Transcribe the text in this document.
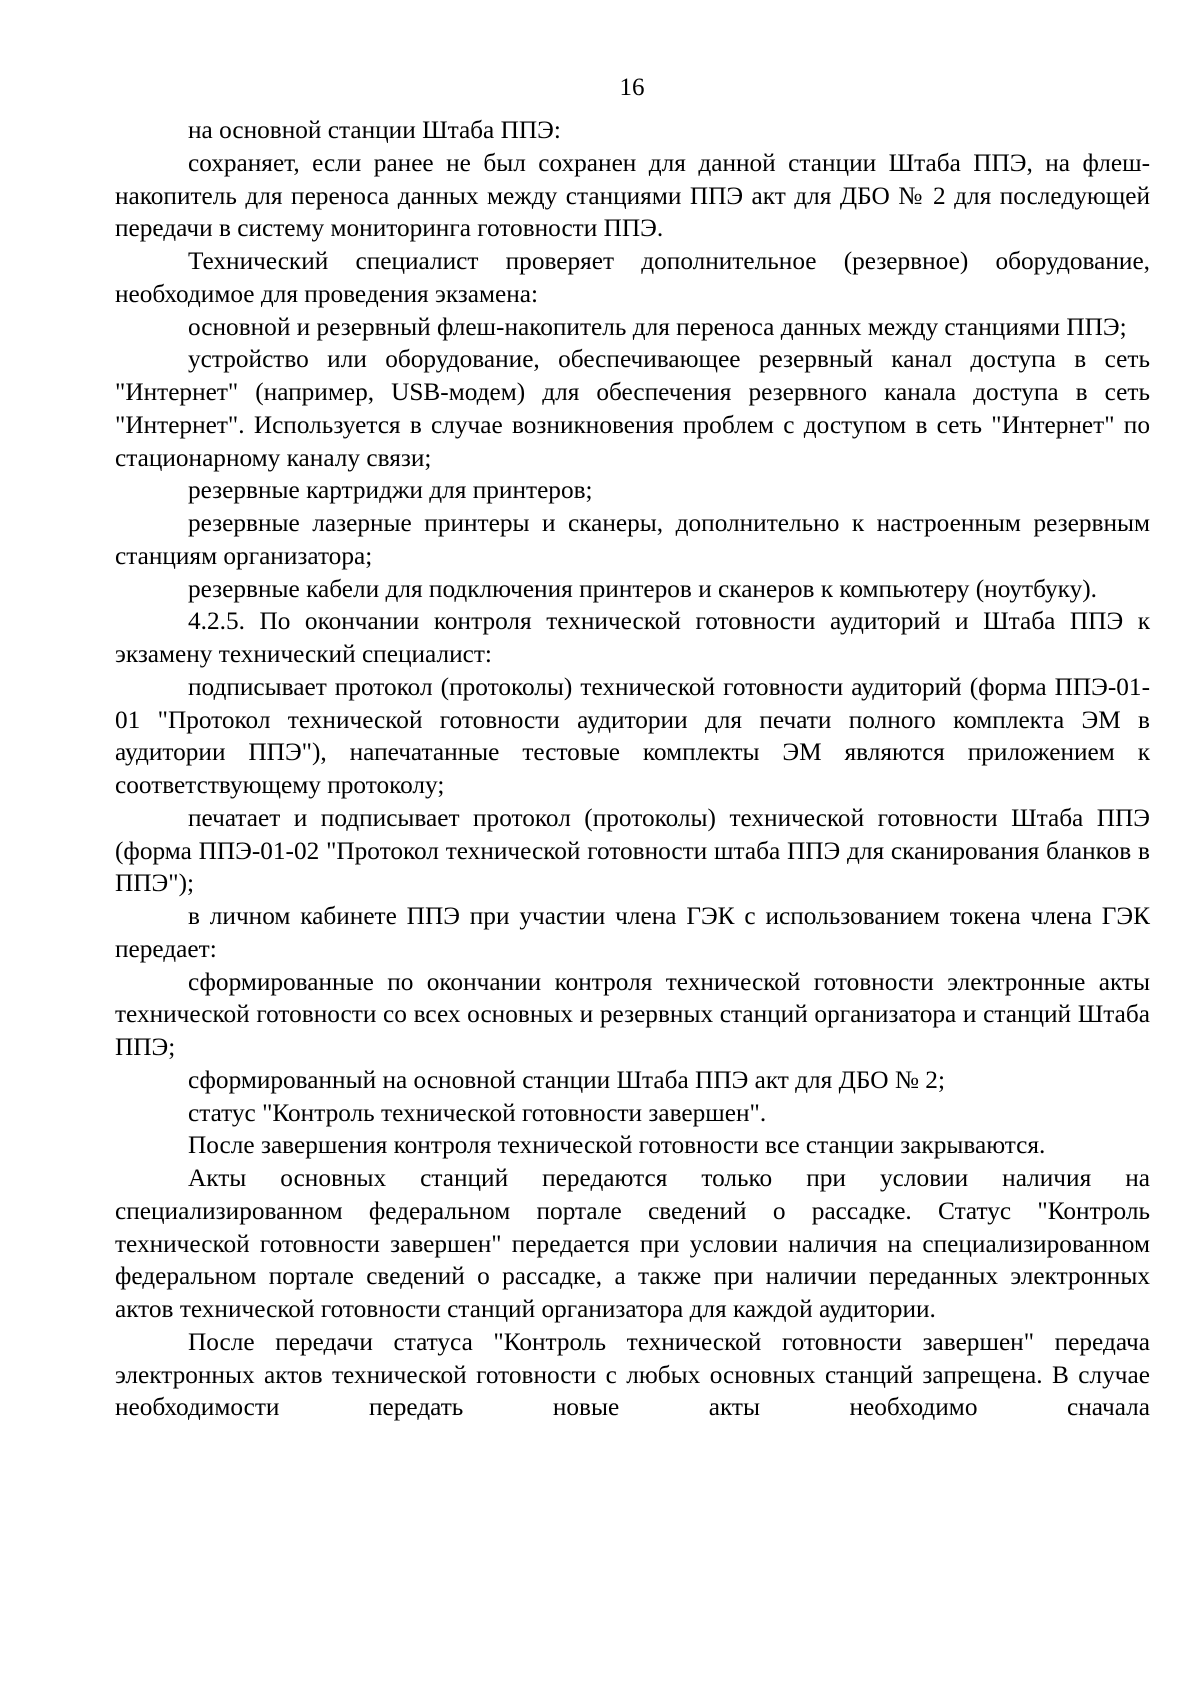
16

на основной станции Штаба ППЭ:

сохраняет, если ранее не был сохранен для данной станции Штаба ППЭ, на флеш-накопитель для переноса данных между станциями ППЭ акт для ДБО № 2 для последующей передачи в систему мониторинга готовности ППЭ.

Технический специалист проверяет дополнительное (резервное) оборудование, необходимое для проведения экзамена:

основной и резервный флеш-накопитель для переноса данных между станциями ППЭ;

устройство или оборудование, обеспечивающее резервный канал доступа в сеть "Интернет" (например, USB-модем) для обеспечения резервного канала доступа в сеть "Интернет". Используется в случае возникновения проблем с доступом в сеть "Интернет" по стационарному каналу связи;

резервные картриджи для принтеров;

резервные лазерные принтеры и сканеры, дополнительно к настроенным резервным станциям организатора;

резервные кабели для подключения принтеров и сканеров к компьютеру (ноутбуку).

4.2.5. По окончании контроля технической готовности аудиторий и Штаба ППЭ к экзамену технический специалист:

подписывает протокол (протоколы) технической готовности аудиторий (форма ППЭ-01-01 "Протокол технической готовности аудитории для печати полного комплекта ЭМ в аудитории ППЭ"), напечатанные тестовые комплекты ЭМ являются приложением к соответствующему протоколу;

печатает и подписывает протокол (протоколы) технической готовности Штаба ППЭ (форма ППЭ-01-02 "Протокол технической готовности штаба ППЭ для сканирования бланков в ППЭ");

в личном кабинете ППЭ при участии члена ГЭК с использованием токена члена ГЭК передает:

сформированные по окончании контроля технической готовности электронные акты технической готовности со всех основных и резервных станций организатора и станций Штаба ППЭ;

сформированный на основной станции Штаба ППЭ акт для ДБО № 2;

статус "Контроль технической готовности завершен".

После завершения контроля технической готовности все станции закрываются.

Акты основных станций передаются только при условии наличия на специализированном федеральном портале сведений о рассадке. Статус "Контроль технической готовности завершен" передается при условии наличия на специализированном федеральном портале сведений о рассадке, а также при наличии переданных электронных актов технической готовности станций организатора для каждой аудитории.

После передачи статуса "Контроль технической готовности завершен" передача электронных актов технической готовности с любых основных станций запрещена. В случае необходимости передать новые акты необходимо сначала
